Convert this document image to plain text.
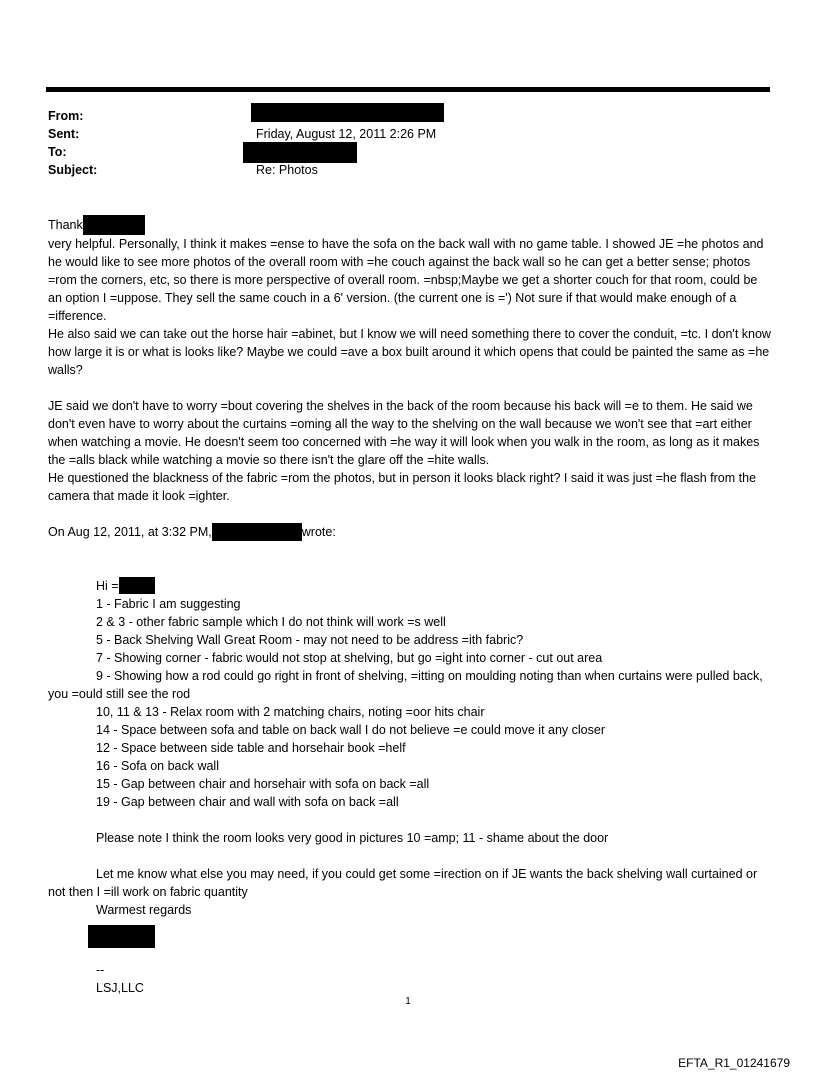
From:
Sent:
To:
Subject:
Friday, August 12, 2011 2:26 PM
Re: Photos

Thank

very helpful. Personally, I think it makes =ense to have the sofa on the back wall with no game table. I showed JE =he photos and he would like to see more photos of the overall room with =he couch against the back wall so he can get a better sense; photos =rom the corners, etc, so there is more perspective of overall room. =nbsp;Maybe we get a shorter couch for that room, could be an option I =uppose. They sell the same couch in a 6' version. (the current one is =') Not sure if that would make enough of a =ifference.

He also said we can take out the horse hair =abinet, but I know we will need something there to cover the conduit, =tc. I don't know how large it is or what is looks like? Maybe we could =ave a box built around it which opens that could be painted the same as =he walls?

JE said we don't have to worry =bout covering the shelves in the back of the room because his back will =e to them. He said we don't even have to worry about the curtains =oming all the way to the shelving on the wall because we won't see that =art either when watching a movie. He doesn't seem too concerned with =he way it will look when you walk in the room, as long as it makes the =alls black while watching a movie so there isn't the glare off the =hite walls.

He questioned the blackness of the fabric =rom the photos, but in person it looks black right? I said it was just =he flash from the camera that made it look =ighter.

On Aug 12, 2011, at 3:32 PM,	wrote:

Hi =

1 - Fabric I am suggesting

2 & 3 - other fabric sample which I do not think will work =s well

5 - Back Shelving Wall Great Room - may not need to be address =ith fabric?

7 - Showing corner - fabric would not stop at shelving, but go =ight into corner - cut out area

9 - Showing how a rod could go right in front of shelving, =itting on moulding noting than when curtains were pulled back, you =ould still see the rod

10, 11 & 13 - Relax room with 2 matching chairs, noting =oor hits chair

14 - Space between sofa and table on back wall I do not believe =e could move it any closer

12 - Space between side table and horsehair book =helf

16 - Sofa on back wall

15 - Gap between chair and horsehair with sofa on back =all

19 - Gap between chair and wall with sofa on back =all

Please note I think the room looks very good in pictures 10 =amp; 11 - shame about the door

Let me know what else you may need, if you could get some =irection on if JE wants the back shelving wall curtained or not then I =ill work on fabric quantity

Warmest regards

--

LSJ,LLC

1
EFTA_R1_01241679
